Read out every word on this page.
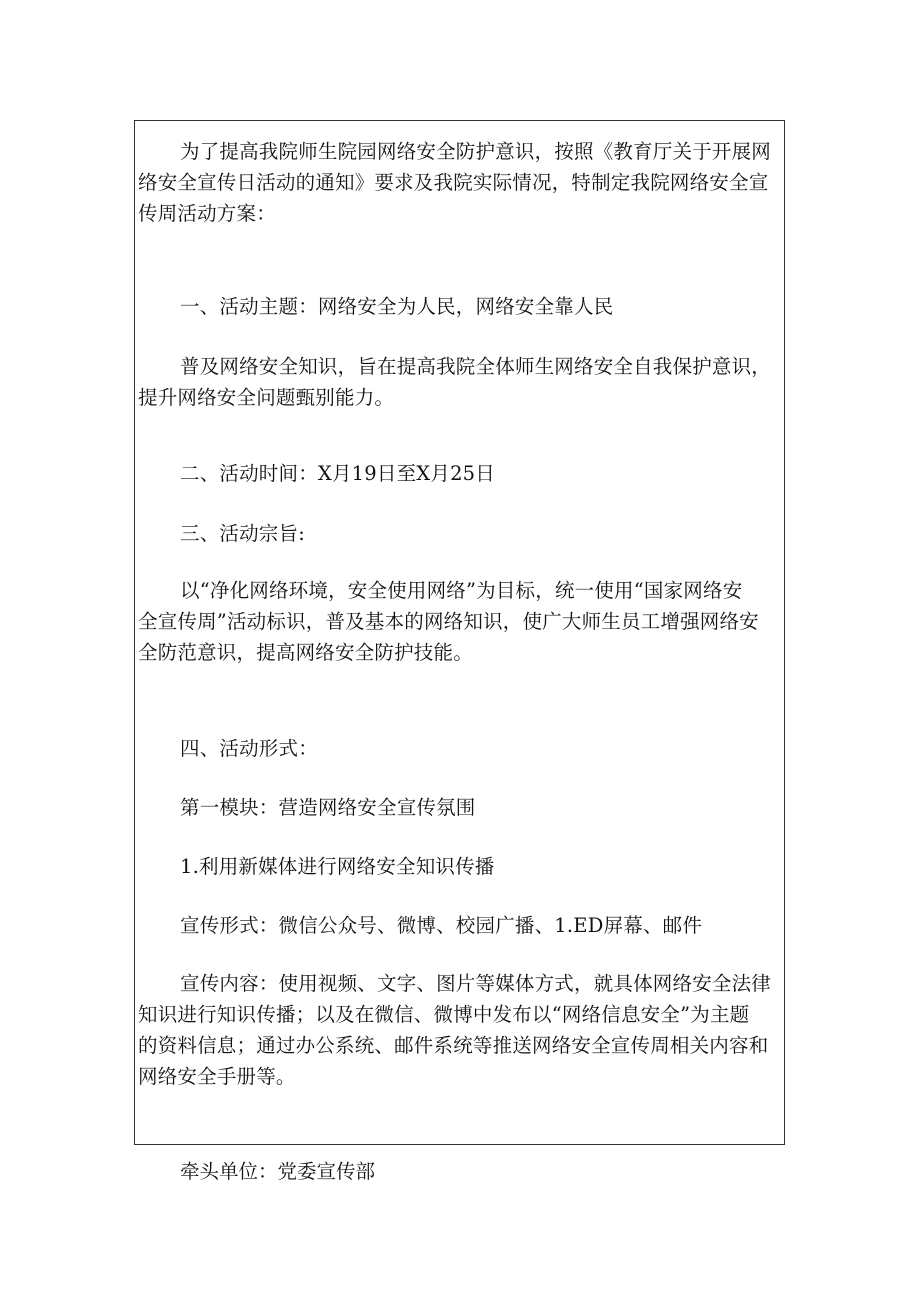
为了提高我院师生院园网络安全防护意识，按照《教育厅关于开展网
络安全宣传日活动的通知》要求及我院实际情况，特制定我院网络安全宣
传周活动方案：
一、活动主题：网络安全为人民，网络安全靠人民
普及网络安全知识，旨在提高我院全体师生网络安全自我保护意识，
提升网络安全问题甄别能力。
二、活动时间：X月19日至X月25日
三、活动宗旨:
以“净化网络环境，安全使用网络”为目标，统一使用“国家网络安
全宣传周”活动标识，普及基本的网络知识，使广大师生员工增强网络安
全防范意识，提高网络安全防护技能。
四、活动形式：
第一模块：营造网络安全宣传氛围
1.利用新媒体进行网络安全知识传播
宣传形式：微信公众号、微博、校园广播、1.ED屏幕、邮件
宣传内容：使用视频、文字、图片等媒体方式，就具体网络安全法律
知识进行知识传播；以及在微信、微博中发布以“网络信息安全”为主题
的资料信息；通过办公系统、邮件系统等推送网络安全宣传周相关内容和
网络安全手册等。
牵头单位：党委宣传部
